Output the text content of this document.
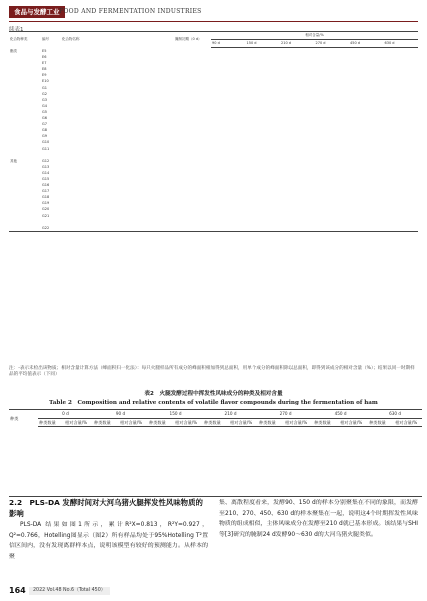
食品与发酵工业 FOOD AND FERMENTATION INDUSTRIES
续表1
化合物种类	编号	化合物名称	腌制初期（0 d）	相对含量/%					
				90 d	150 d	210 d	270 d	450 d	630 d
酯类	E5								
	E6								
	E7								
	E8								
	E9								
	E10								
	G1								
	G2								
	G3								
	G4								
	G5								
	G6								
	G7								
	G8								
	G9								
	G10								
	G11								

其他	G12								
	G13								
	G14								
	G15								
	G16								
	G17								
	G18								
	G19								
	G20								
	G21								

	G22								

注：-表示未检出该物质；相对含量计算方法（峰面积归一化法）：每只火腿样品所有成分的峰面积相加得到总面积，用单个成分的峰面积除以总面积，即得到该成分的相对含量（%）；结果以同一时期样品的平均值表示（下同）

表2　火腿发酵过程中挥发性风味成分的种类及相对含量
Table 2　Composition and relative contents of volatile flavor compounds during the fermentation of ham
种类	0 d		90 d		150 d		210 d		270 d		450 d		630 d	
	种类数量	相对含量/%	种类数量	相对含量/%	种类数量	相对含量/%	种类数量	相对含量/%	种类数量	相对含量/%	种类数量	相对含量/%	种类数量	相对含量/%

2.2　PLS-DA 发酵时间对大河乌猪火腿挥发性风味物质的影响

PLS-DA 结果如图1所示，累计R²X=0.813，R²Y=0.927，Q²=0.766，Hotelling图显示（图2）所有样品均处于95%Hotelling T²置信区间内，没有发现离群样本点，说明该模型有较好的预测能力。从样本的聚

集、离散程度看来，发酵90、150 d的样本分别聚集在不同的象限，而发酵至210、270、450、630 d的样本聚集在一起，说明这4个时期挥发性风味物质的组成相似，主体风味成分在发酵至210 d就已基本形成。该结果与SHI等[3]研究的腌制24 d发酵90～630 d的大河乌猪火腿类似。

164	2022 Vol.48 No.6（Total 450）
